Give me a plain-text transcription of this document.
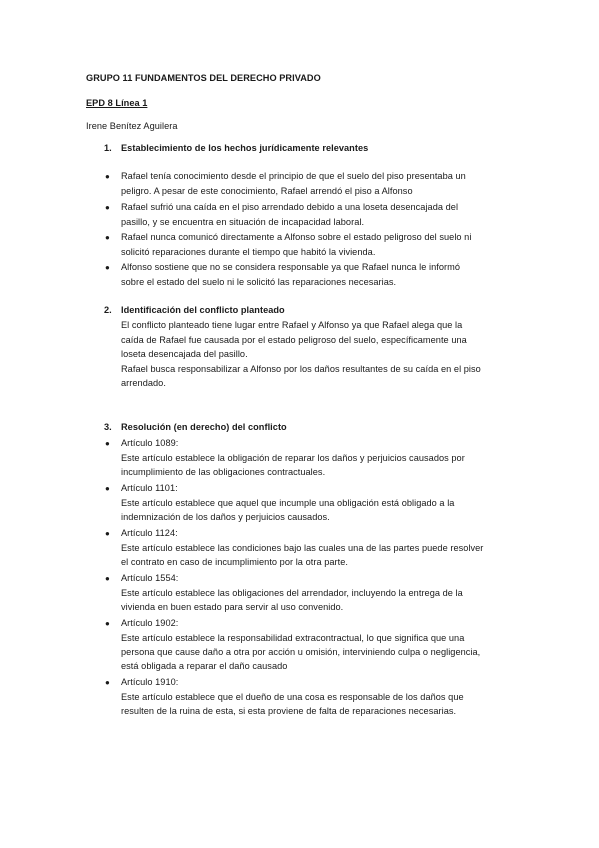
GRUPO 11 FUNDAMENTOS DEL DERECHO PRIVADO
EPD 8 Línea 1
Irene Benítez Aguilera
1. Establecimiento de los hechos jurídicamente relevantes
● Rafael tenía conocimiento desde el principio de que el suelo del piso presentaba un
peligro. A pesar de este conocimiento, Rafael arrendó el piso a Alfonso
● Rafael sufrió una caída en el piso arrendado debido a una loseta desencajada del
pasillo, y se encuentra en situación de incapacidad laboral.
● Rafael nunca comunicó directamente a Alfonso sobre el estado peligroso del suelo ni
solicitó reparaciones durante el tiempo que habitó la vivienda.
● Alfonso sostiene que no se considera responsable ya que Rafael nunca le informó
sobre el estado del suelo ni le solicitó las reparaciones necesarias.
2. Identificación del conflicto planteado
El conflicto planteado tiene lugar entre Rafael y Alfonso ya que Rafael alega que la
caída de Rafael fue causada por el estado peligroso del suelo, específicamente una
loseta desencajada del pasillo.
Rafael busca responsabilizar a Alfonso por los daños resultantes de su caída en el piso
arrendado.
3. Resolución (en derecho) del conflicto
● Artículo 1089:
Este artículo establece la obligación de reparar los daños y perjuicios causados por
incumplimiento de las obligaciones contractuales.
● Artículo 1101:
Este artículo establece que aquel que incumple una obligación está obligado a la
indemnización de los daños y perjuicios causados.
● Artículo 1124:
Este artículo establece las condiciones bajo las cuales una de las partes puede resolver
el contrato en caso de incumplimiento por la otra parte.
● Artículo 1554:
Este artículo establece las obligaciones del arrendador, incluyendo la entrega de la
vivienda en buen estado para servir al uso convenido.
● Artículo 1902:
Este artículo establece la responsabilidad extracontractual, lo que significa que una
persona que cause daño a otra por acción u omisión, interviniendo culpa o negligencia,
está obligada a reparar el daño causado
● Artículo 1910:
Este artículo establece que el dueño de una cosa es responsable de los daños que
resulten de la ruina de esta, si esta proviene de falta de reparaciones necesarias.
